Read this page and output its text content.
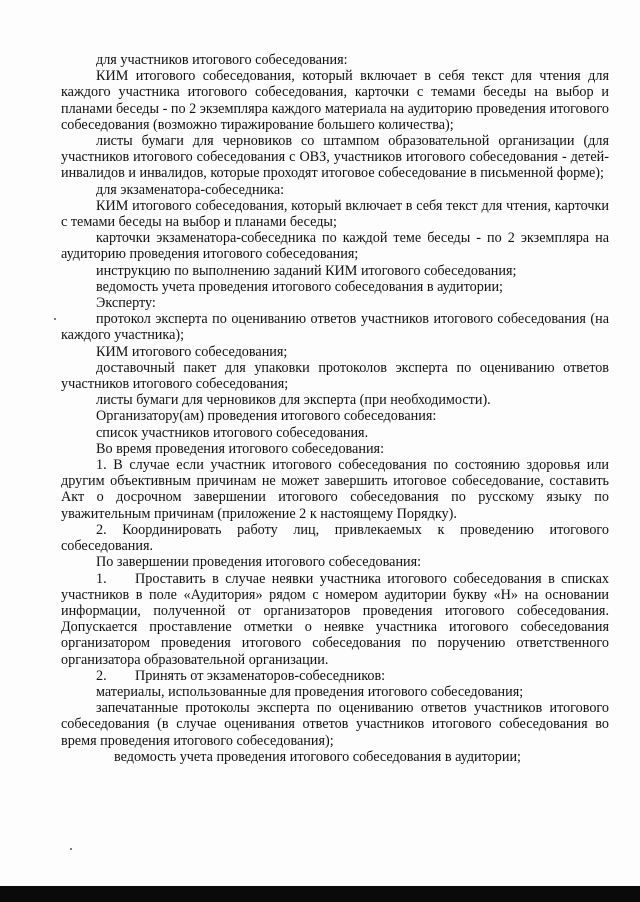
для участников итогового собеседования:

КИМ итогового собеседования, который включает в себя текст для чтения для каждого участника итогового собеседования, карточки с темами беседы на выбор и планами беседы - по 2 экземпляра каждого материала на аудиторию проведения итогового собеседования (возможно тиражирование большего количества);

листы бумаги для черновиков со штампом образовательной организации (для участников итогового собеседования с ОВЗ, участников итогового собеседования - детей-инвалидов и инвалидов, которые проходят итоговое собеседование в письменной форме);

для экзаменатора-собеседника:

КИМ итогового собеседования, который включает в себя текст для чтения, карточки с темами беседы на выбор и планами беседы;

карточки экзаменатора-собеседника по каждой теме беседы - по 2 экземпляра на аудиторию проведения итогового собеседования;

инструкцию по выполнению заданий КИМ итогового собеседования;

ведомость учета проведения итогового собеседования в аудитории;

Эксперту:

протокол эксперта по оцениванию ответов участников итогового собеседования (на каждого участника);

КИМ итогового собеседования;

доставочный пакет для упаковки протоколов эксперта по оцениванию ответов участников итогового собеседования;

листы бумаги для черновиков для эксперта (при необходимости).

Организатору(ам) проведения итогового собеседования:

список участников итогового собеседования.

Во время проведения итогового собеседования:

1. В случае если участник итогового собеседования по состоянию здоровья или другим объективным причинам не может завершить итоговое собеседование, составить Акт о досрочном завершении итогового собеседования по русскому языку по уважительным причинам (приложение 2 к настоящему Порядку).

2. Координировать работу лиц, привлекаемых к проведению итогового собеседования.

По завершении проведения итогового собеседования:

1.  Проставить в случае неявки участника итогового собеседования в списках участников в поле «Аудитория» рядом с номером аудитории букву «Н» на основании информации, полученной от организаторов проведения итогового собеседования. Допускается проставление отметки о неявке участника итогового собеседования организатором проведения итогового собеседования по поручению ответственного организатора образовательной организации.

2.  Принять от экзаменаторов-собеседников:

материалы, использованные для проведения итогового собеседования;

запечатанные протоколы эксперта по оцениванию ответов участников итогового собеседования (в случае оценивания ответов участников итогового собеседования во время проведения итогового собеседования);

ведомость учета проведения итогового собеседования в аудитории;
